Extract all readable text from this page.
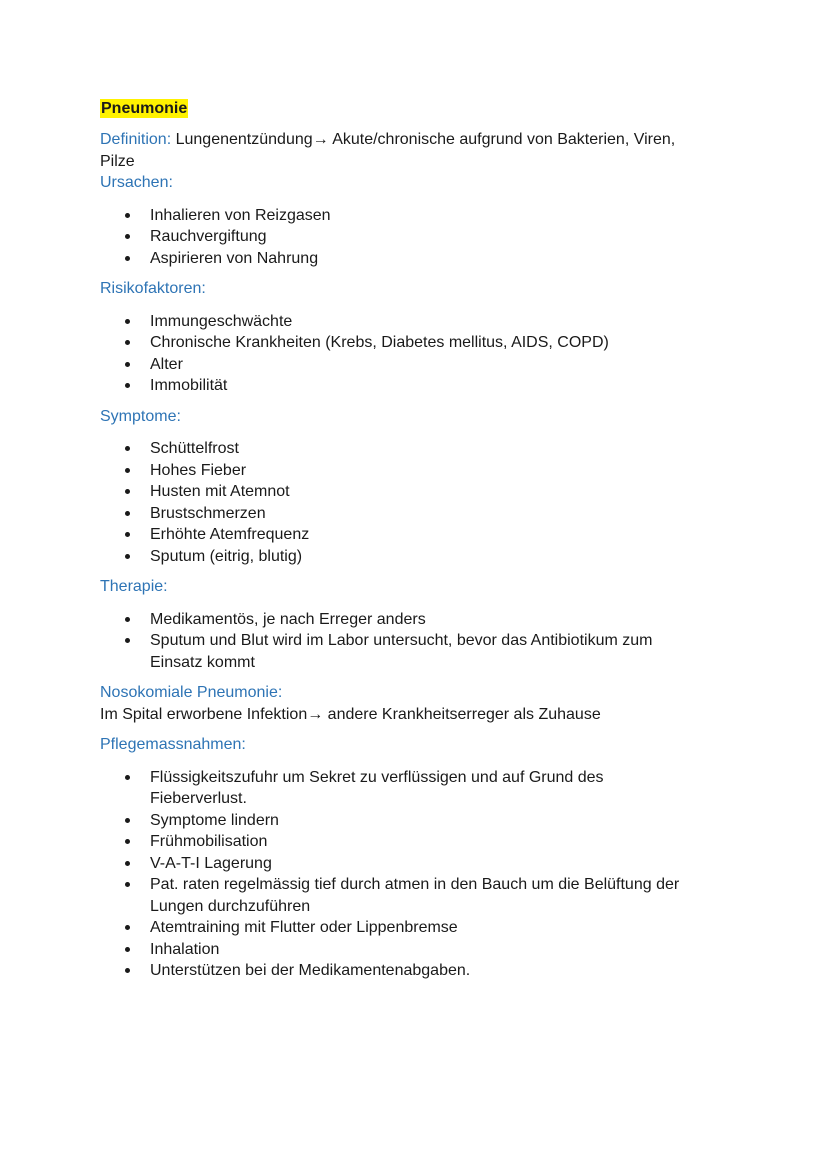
Pneumonie

Definition: Lungenentzündung→ Akute/chronische aufgrund von Bakterien, Viren,

Pilze

Ursachen:

Inhalieren von Reizgasen
Rauchvergiftung
Aspirieren von Nahrung

Risikofaktoren:

Immungeschwächte
Chronische Krankheiten (Krebs, Diabetes mellitus, AIDS, COPD)
Alter
Immobilität

Symptome:

Schüttelfrost
Hohes Fieber
Husten mit Atemnot
Brustschmerzen
Erhöhte Atemfrequenz
Sputum (eitrig, blutig)

Therapie:

Medikamentös, je nach Erreger anders
Sputum und Blut wird im Labor untersucht, bevor das Antibiotikum zum
Einsatz kommt

Nosokomiale Pneumonie:

Im Spital erworbene Infektion→ andere Krankheitserreger als Zuhause

Pflegemassnahmen:

Flüssigkeitszufuhr um Sekret zu verflüssigen und auf Grund des
Fieberverlust.
Symptome lindern
Frühmobilisation
V-A-T-I Lagerung
Pat. raten regelmässig tief durch atmen in den Bauch um die Belüftung der
Lungen durchzuführen
Atemtraining mit Flutter oder Lippenbremse
Inhalation
Unterstützen bei der Medikamentenabgaben.
